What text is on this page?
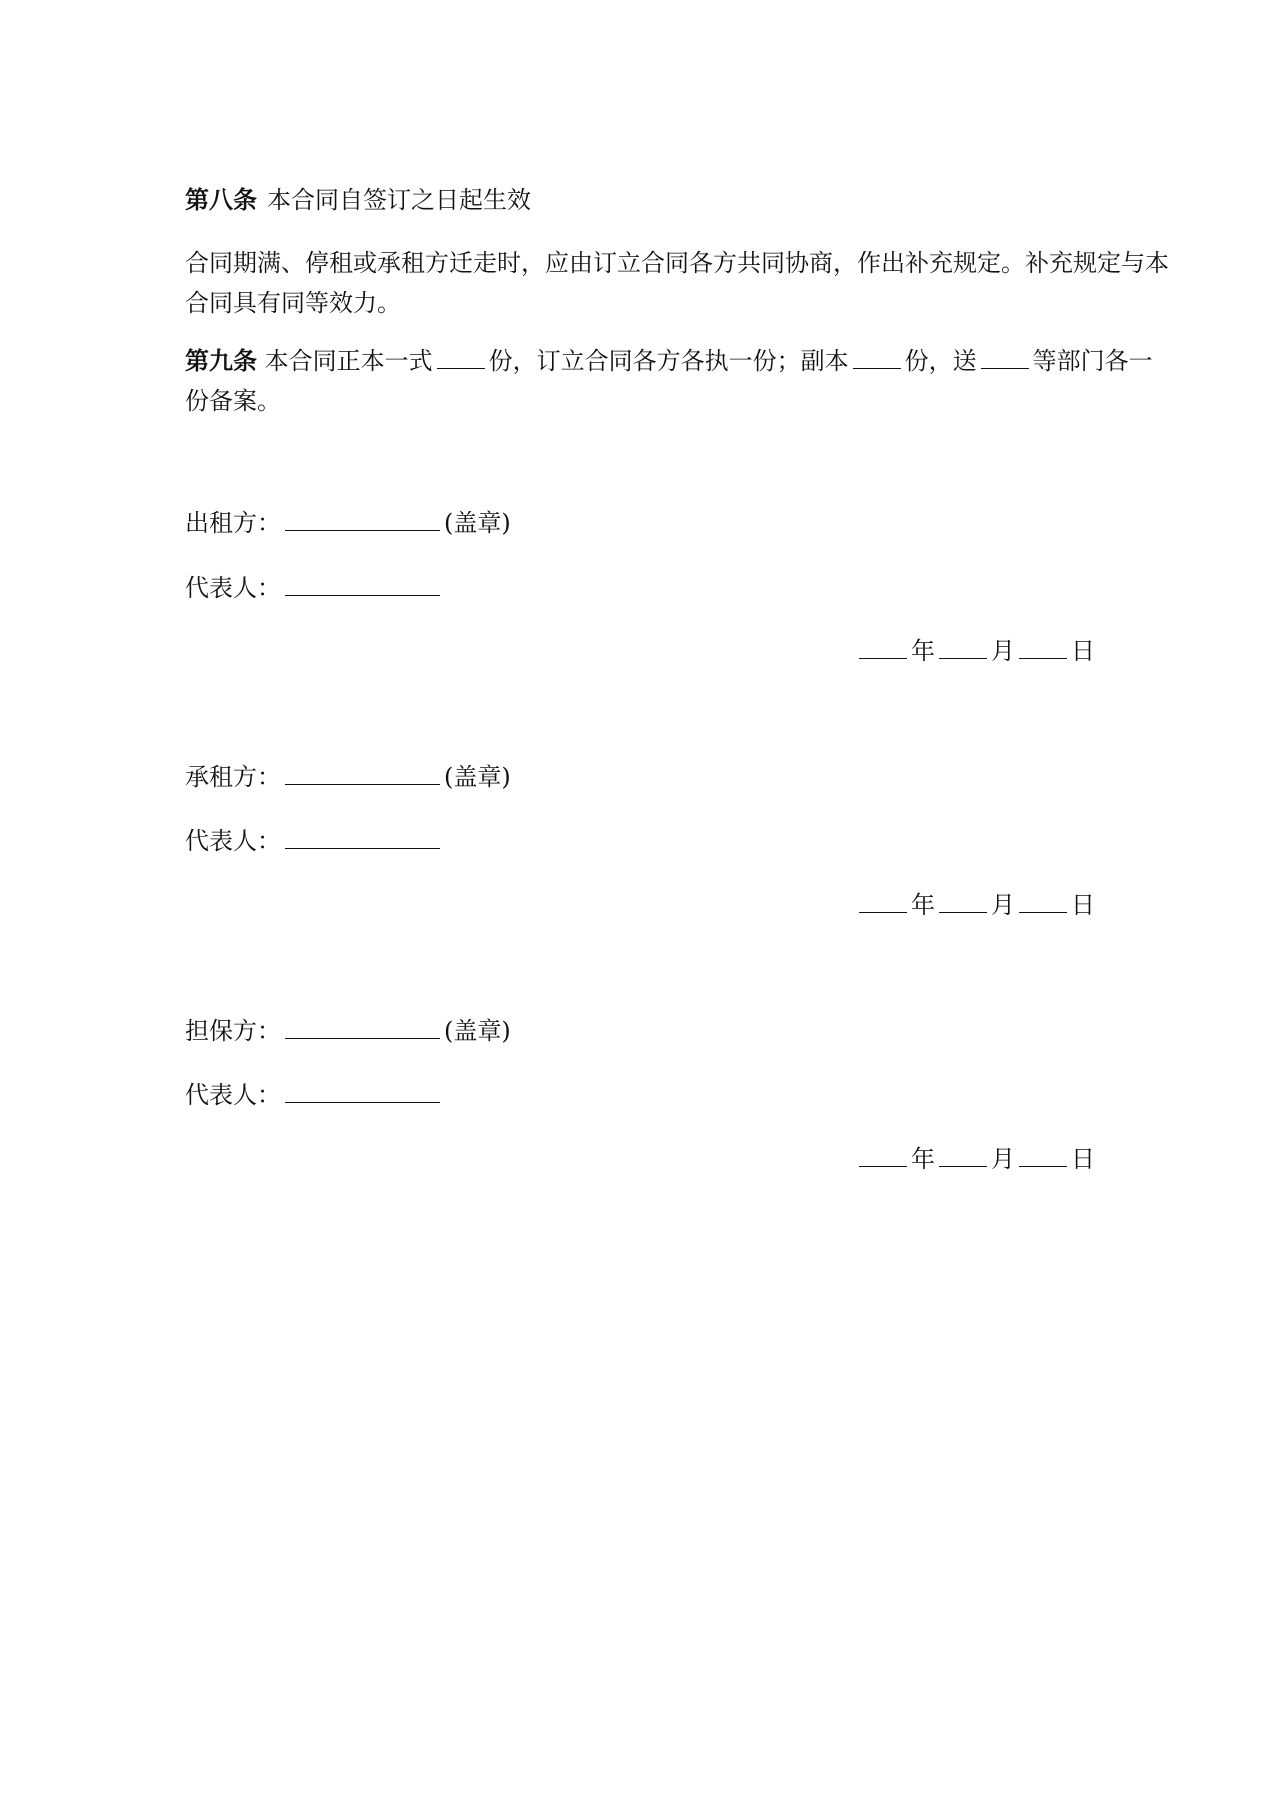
第八条 本合同自签订之日起生效
合同期满、停租或承租方迁走时，应由订立合同各方共同协商，作出补充规定。补充规定与本合同具有同等效力。
第九条 本合同正本一式 份，订立合同各方各执一份；副本 份，送 等部门各一份备案。
出租方：	(盖章)
代表人：
年 月 日
承租方：	(盖章)
代表人：
年 月 日
担保方：	(盖章)
代表人：
年 月 日
